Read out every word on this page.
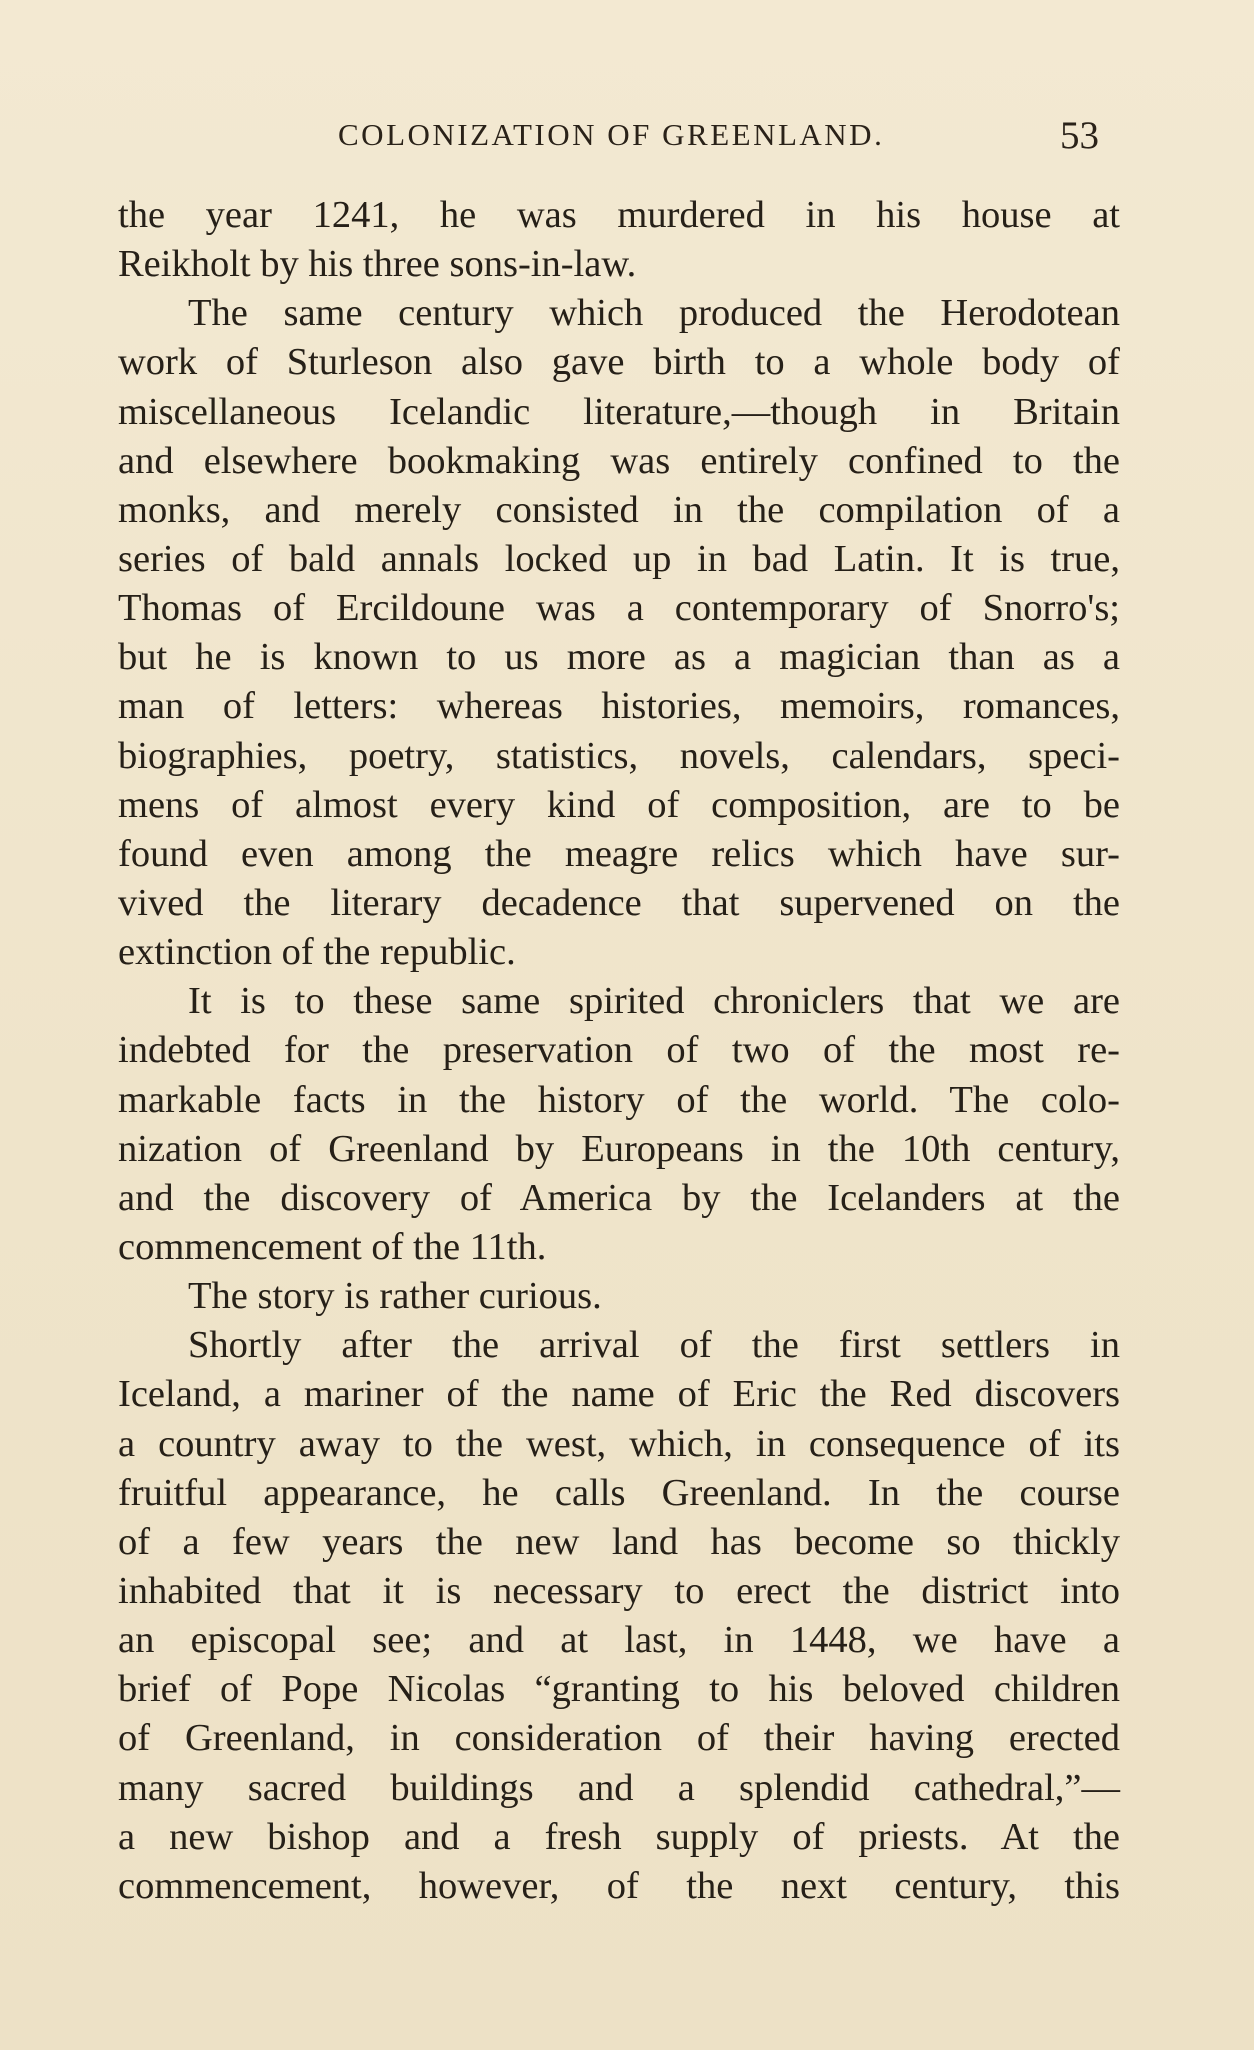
COLONIZATION OF GREENLAND.	53
the year 1241, he was murdered in his house at
Reikholt by his three sons-in-law.
The same century which produced the Herodotean
work of Sturleson also gave birth to a whole body of
miscellaneous Icelandic literature,—though in Britain
and elsewhere bookmaking was entirely confined to the
monks, and merely consisted in the compilation of a
series of bald annals locked up in bad Latin. It is true,
Thomas of Ercildoune was a contemporary of Snorro's;
but he is known to us more as a magician than as a
man of letters: whereas histories, memoirs, romances,
biographies, poetry, statistics, novels, calendars, speci-
mens of almost every kind of composition, are to be
found even among the meagre relics which have sur-
vived the literary decadence that supervened on the
extinction of the republic.
It is to these same spirited chroniclers that we are
indebted for the preservation of two of the most re-
markable facts in the history of the world. The colo-
nization of Greenland by Europeans in the 10th century,
and the discovery of America by the Icelanders at the
commencement of the 11th.
The story is rather curious.
Shortly after the arrival of the first settlers in
Iceland, a mariner of the name of Eric the Red discovers
a country away to the west, which, in consequence of its
fruitful appearance, he calls Greenland. In the course
of a few years the new land has become so thickly
inhabited that it is necessary to erect the district into
an episcopal see; and at last, in 1448, we have a
brief of Pope Nicolas “granting to his beloved children
of Greenland, in consideration of their having erected
many sacred buildings and a splendid cathedral,”—
a new bishop and a fresh supply of priests. At the
commencement, however, of the next century, this
